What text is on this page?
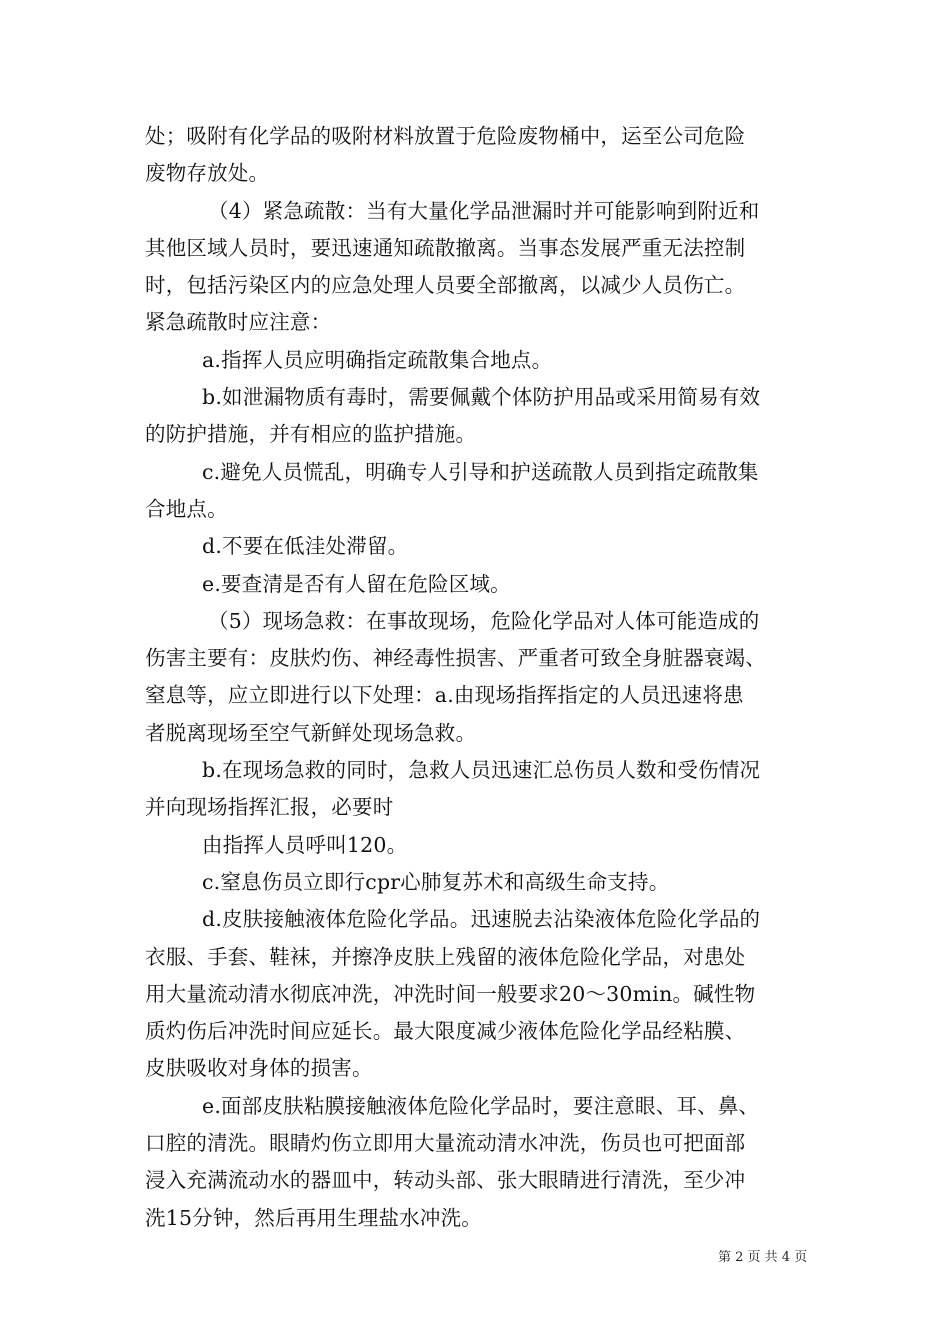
处；吸附有化学品的吸附材料放置于危险废物桶中，运至公司危险

废物存放处。

（4）紧急疏散：当有大量化学品泄漏时并可能影响到附近和

其他区域人员时，要迅速通知疏散撤离。当事态发展严重无法控制

时，包括污染区内的应急处理人员要全部撤离，以减少人员伤亡。

紧急疏散时应注意：

a.指挥人员应明确指定疏散集合地点。

b.如泄漏物质有毒时，需要佩戴个体防护用品或采用简易有效

的防护措施，并有相应的监护措施。

c.避免人员慌乱，明确专人引导和护送疏散人员到指定疏散集

合地点。

d.不要在低洼处滞留。

e.要查清是否有人留在危险区域。

（5）现场急救：在事故现场，危险化学品对人体可能造成的

伤害主要有：皮肤灼伤、神经毒性损害、严重者可致全身脏器衰竭、

窒息等，应立即进行以下处理：a.由现场指挥指定的人员迅速将患

者脱离现场至空气新鲜处现场急救。

b.在现场急救的同时，急救人员迅速汇总伤员人数和受伤情况

并向现场指挥汇报，必要时

由指挥人员呼叫120。

c.窒息伤员立即行cpr心肺复苏术和高级生命支持。

d.皮肤接触液体危险化学品。迅速脱去沾染液体危险化学品的

衣服、手套、鞋袜，并擦净皮肤上残留的液体危险化学品，对患处

用大量流动清水彻底冲洗，冲洗时间一般要求20～30min。碱性物

质灼伤后冲洗时间应延长。最大限度减少液体危险化学品经粘膜、

皮肤吸收对身体的损害。

e.面部皮肤粘膜接触液体危险化学品时，要注意眼、耳、鼻、

口腔的清洗。眼睛灼伤立即用大量流动清水冲洗，伤员也可把面部

浸入充满流动水的器皿中，转动头部、张大眼睛进行清洗，至少冲

洗15分钟，然后再用生理盐水冲洗。

第 2 页 共 4 页
